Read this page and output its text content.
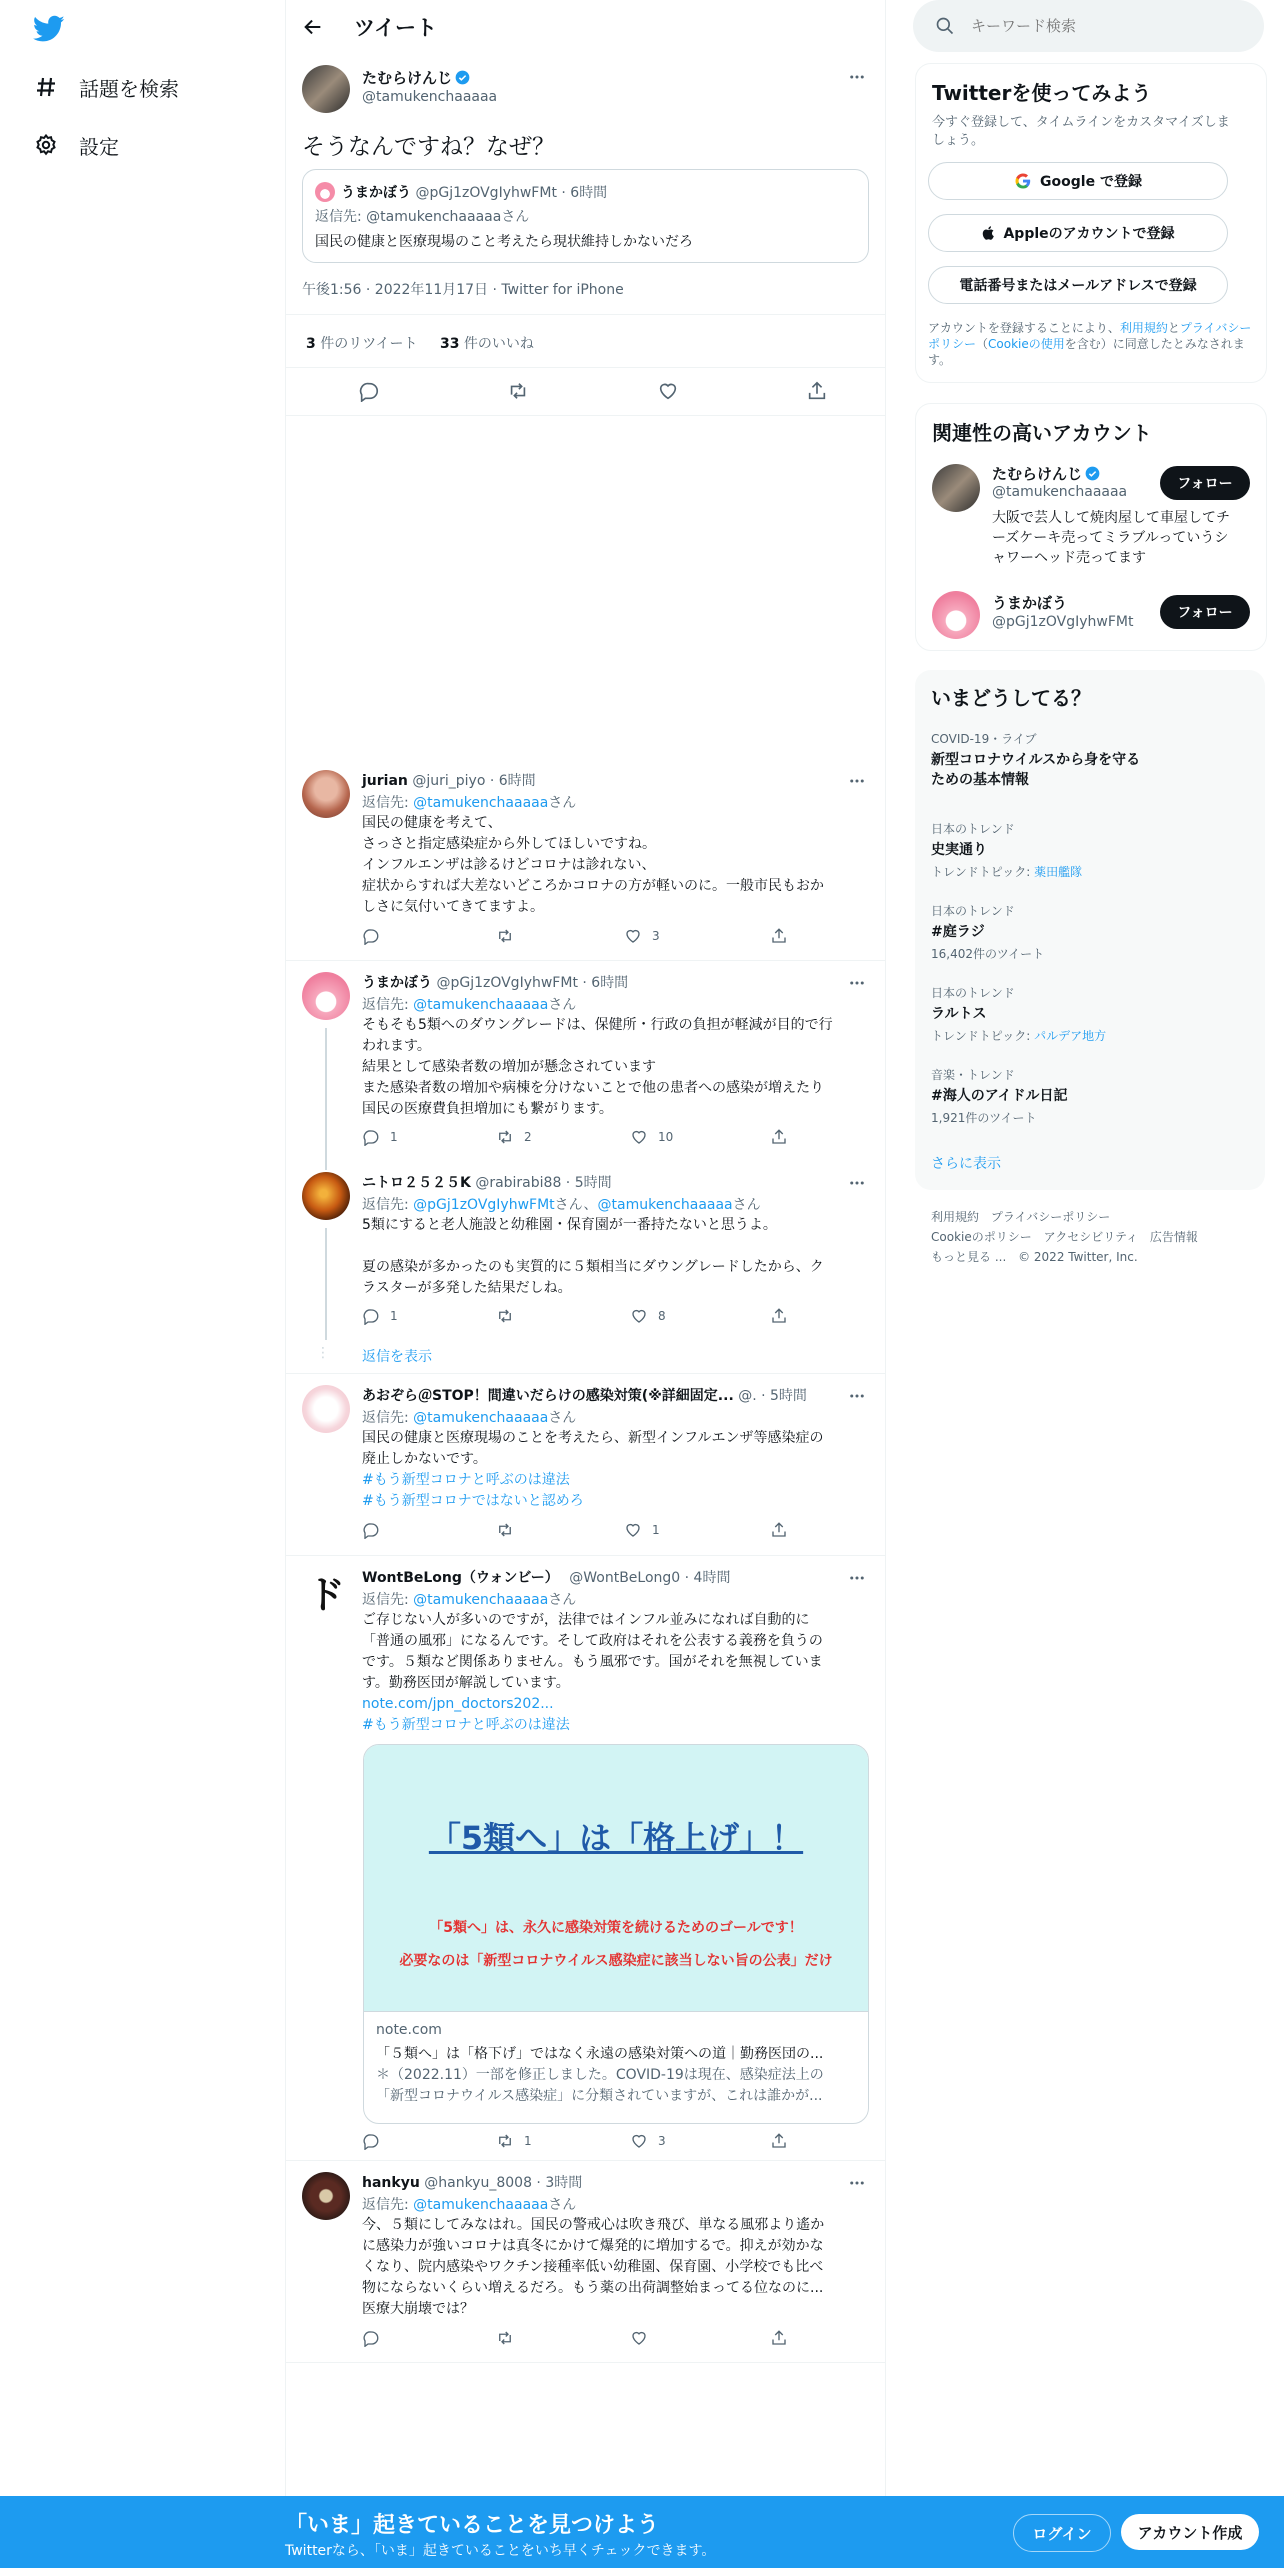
話題を検索
設定
ツイート
たむらけんじ
@tamukenchaaaaa
そうなんですね？なぜ？
うまかぼう @pGj1zOVgIyhwFMt · 6時間
返信先: @tamukenchaaaaaさん
国民の健康と医療現場のこと考えたら現状維持しかないだろ
午後1:56 · 2022年11月17日 · Twitter for iPhone
3 件のリツイート 33 件のいいね
jurian @juri_piyo · 6時間
返信先: @tamukenchaaaaaさん
国民の健康を考えて、
さっさと指定感染症から外してほしいですね。
インフルエンザは診るけどコロナは診れない、
症状からすれば大差ないどころかコロナの方が軽いのに。一般市民もおか
しさに気付いてきてますよ。
3
うまかぼう @pGj1zOVgIyhwFMt · 6時間
返信先: @tamukenchaaaaaさん
そもそも5類へのダウングレードは、保健所・行政の負担が軽減が目的で行
われます。
結果として感染者数の増加が懸念されています
また感染者数の増加や病棟を分けないことで他の患者への感染が増えたり
国民の医療費負担増加にも繋がります。
1	2	10
ニトロ２５２５K @rabirabi88 · 5時間
返信先: @pGj1zOVgIyhwFMtさん、@tamukenchaaaaaさん
5類にすると老人施設と幼稚園・保育園が一番持たないと思うよ。
夏の感染が多かったのも実質的に５類相当にダウングレードしたから、ク
ラスターが多発した結果だしね。
1	8
⋮ 返信を表示
あおぞら＠STOP！間違いだらけの感染対策(※詳細固定... @. · 5時間
返信先: @tamukenchaaaaaさん
国民の健康と医療現場のことを考えたら、新型インフルエンザ等感染症の
廃止しかないです。
#もう新型コロナと呼ぶのは違法
#もう新型コロナではないと認めろ
1
ド WontBeLong（ウォンビー） @WontBeLong0 · 4時間
返信先: @tamukenchaaaaaさん
ご存じない人が多いのですが，法律ではインフル並みになれば自動的に
「普通の風邪」になるんです。そして政府はそれを公表する義務を負うの
です。５類など関係ありません。もう風邪です。国がそれを無視していま
す。勤務医団が解説しています。
note.com/jpn_doctors202...
#もう新型コロナと呼ぶのは違法
「5類へ」は「格上げ」！
「5類へ」は、永久に感染対策を続けるためのゴールです！
必要なのは「新型コロナウイルス感染症に該当しない旨の公表」だけ
note.com
「５類へ」は「格下げ」ではなく永遠の感染対策への道｜勤務医団の...
＊（2022.11）一部を修正しました。COVID-19は現在、感染症法上の
「新型コロナウイルス感染症」に分類されていますが、これは誰かが...
1	3
hankyu @hankyu_8008 · 3時間
返信先: @tamukenchaaaaaさん
今、５類にしてみなはれ。国民の警戒心は吹き飛び、単なる風邪より遙か
に感染力が強いコロナは真冬にかけて爆発的に増加するで。抑えが効かな
くなり、院内感染やワクチン接種率低い幼稚園、保育園、小学校でも比べ
物にならないくらい増えるだろ。もう薬の出荷調整始まってる位なのに...
医療大崩壊では？
キーワード検索
Twitterを使ってみよう
今すぐ登録して、タイムラインをカスタマイズしま
しょう。
Google で登録
Appleのアカウントで登録
電話番号またはメールアドレスで登録
アカウントを登録することにより、利用規約とプライバシーポリシー（Cookieの使用を含む）に同意したとみなされます。
関連性の高いアカウント
たむらけんじ
@tamukenchaaaaa	フォロー
大阪で芸人して焼肉屋して車屋してチ
ーズケーキ売ってミラブルっていうシ
ャワーヘッド売ってます
うまかぼう
@pGj1zOVgIyhwFMt
フォロー
いまどうしてる？
COVID-19・ライブ
新型コロナウイルスから身を守る
ための基本情報
日本のトレンド
史実通り
トレンドトピック: 薬田艦隊
日本のトレンド
#庭ラジ
16,402件のツイート
日本のトレンド
ラルトス
トレンドトピック: パルデア地方
音楽・トレンド
#海人のアイドル日記
1,921件のツイート
さらに表示
利用規約 プライバシーポリシー
Cookieのポリシー アクセシビリティ 広告情報
もっと見る ... © 2022 Twitter, Inc.
「いま」起きていることを見つけよう
Twitterなら、「いま」起きていることをいち早くチェックできます。
ログイン	アカウント作成
